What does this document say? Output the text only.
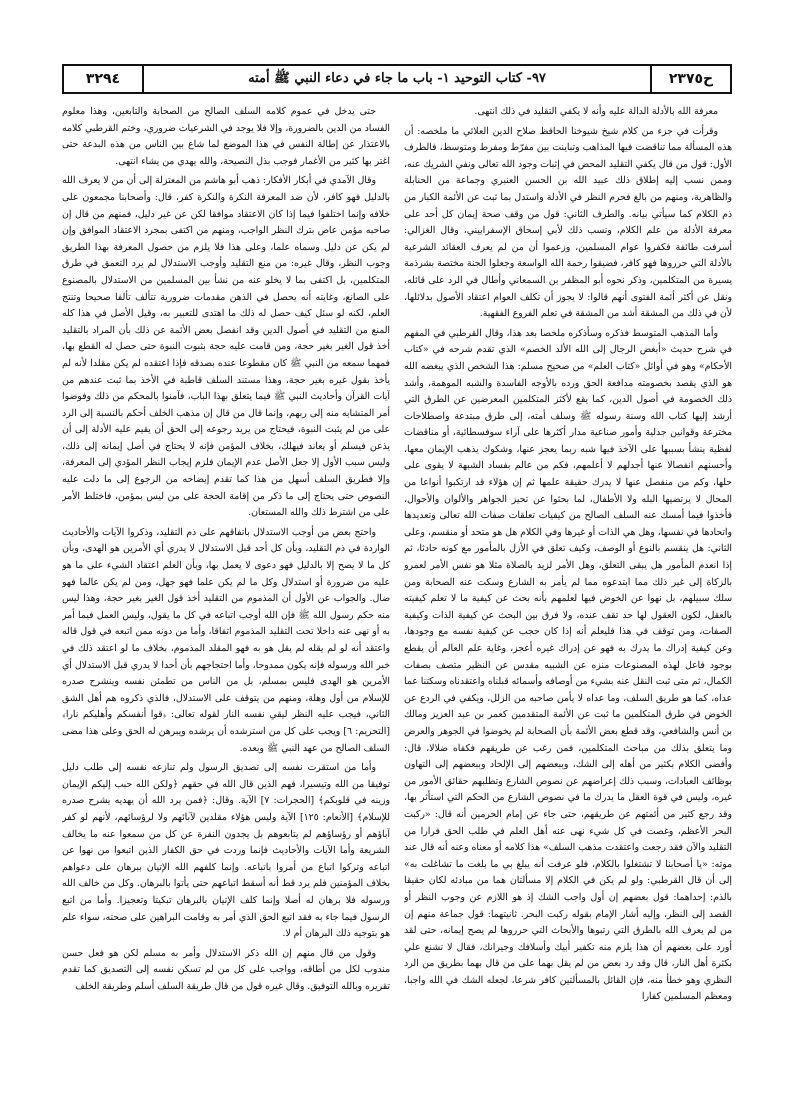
ح٢٣٧٥
٩٧- كتاب التوحيد ١- باب ما جاء في دعاء النبي ﷺ أمته
٣٢٩٤

معرفة الله بالأدلة الدالة عليه وأنه لا يكفي التقليد في ذلك انتهى.

وقرأت في جزء من كلام شيخ شيوخنا الحافظ صلاح الدين العلائي ما ملخصه: أن هذه المسألة مما تناقضت فيها المذاهب وتباينت بين مفرّط ومفرط ومتوسط، فالطرف الأول: قول من قال يكفي التقليد المحض في إثبات وجود الله تعالى ونفي الشريك عنه، وممن نسب إليه إطلاق ذلك عبيد الله بن الحسن العنبري وجماعة من الحنابلة والظاهرية، ومنهم من بالغ فحرم النظر في الأدلة واستدل بما ثبت عن الأئمة الكبار من ذم الكلام كما سيأتي بيانه. والطرف الثاني: قول من وقف صحة إيمان كل أحد على معرفة الأدلة من علم الكلام، ونسب ذلك لأبي إسحاق الإسفراييني، وقال الغزالي: أسرفت طائفة فكفروا عوام المسلمين، وزعموا أن من لم يعرف العقائد الشرعية بالأدلة التي حرروها فهو كافر، فضيقوا رحمة الله الواسعة وجعلوا الجنة مختصة بشرذمة يسيرة من المتكلمين، وذكر نحوه أبو المظفر بن السمعاني وأطال في الرد على قائله، ونقل عن أكثر أئمة الفتوى أنهم قالوا: لا يجوز أن تكلف العوام اعتقاد الأصول بدلائلها، لأن في ذلك من المشقة أشد من المشقة في تعلم الفروع الفقهية.

وأما المذهب المتوسط فذكره وسأذكره ملخصا بعد هذا، وقال القرطبي في المفهم في شرح حديث «أبغض الرجال إلى الله الألد الخصم» الذي تقدم شرحه في «كتاب الأحكام» وهو في أوائل «كتاب العلم» من صحيح مسلم: هذا الشخص الذي يبغضه الله هو الذي يقصد بخصومته مدافعة الحق ورده بالأوجه الفاسدة والشبه الموهمة، وأشد ذلك الخصومة في أصول الدين، كما يقع لأكثر المتكلمين المعرضين عن الطرق التي أرشد إليها كتاب الله وسنة رسوله ﷺ وسلف أمته، إلى طرق مبتدعة واصطلاحات مخترعة وقوانين جدلية وأمور صناعية مدار أكثرها على آراء سوفسطائية، أو مناقضات لفظية ينشأ بسببها على الآخذ فيها شبه ربما يعجز عنها، وشكوك يذهب الإيمان معها، وأحسنهم انفصالا عنها أجدلهم لا أعلمهم، فكم من عالم بفساد الشبهة لا يقوى على حلها، وكم من منفصل عنها لا يدرك حقيقة علمها ثم إن هؤلاء قد ارتكبوا أنواعا من المحال لا يرتضيها البله ولا الأطفال، لما بحثوا عن تحيز الجواهر والألوان والأحوال، فأخذوا فيما أمسك عنه السلف الصالح من كيفيات تعلقات صفات الله تعالى وتعديدها واتحادها في نفسها، وهل هي الذات أو غيرها وفي الكلام هل هو متحد أو منقسم، وعلى الثاني: هل ينقسم بالنوع أو الوصف، وكيف تعلق في الأزل بالمأمور مع كونه حادثا، ثم إذا انعدم المأمور هل يبقى التعلق، وهل الأمر لزيد بالصلاة مثلا هو نفس الأمر لعمرو بالزكاة إلى غير ذلك مما ابتدعوه مما لم يأمر به الشارع وسكت عنه الصحابة ومن سلك سبيلهم، بل نهوا عن الخوض فيها لعلمهم بأنه بحث عن كيفية ما لا تعلم كيفيته بالعقل، لكون العقول لها حد تقف عنده، ولا فرق بين البحث عن كيفية الذات وكيفية الصفات، ومن توقف في هذا فليعلم أنه إذا كان حجب عن كيفية نفسه مع وجودها، وعن كيفية إدراك ما يدرك به فهو عن إدراك غيره أعجز، وغاية علم العالم أن يقطع بوجود فاعل لهذه المصنوعات منزه عن الشبيه مقدس عن النظير متصف بصفات الكمال، ثم متى ثبت النقل عنه بشيء من أوصافه وأسمائه قبلناه واعتقدناه وسكتنا عما عداه، كما هو طريق السلف، وما عداه لا يأمن صاحبه من الزلل، ويكفي في الردع عن الخوض في طرق المتكلمين ما ثبت عن الأئمة المتقدمين كعمر بن عبد العزيز ومالك بن أنس والشافعي، وقد قطع بعض الأئمة بأن الصحابة لم يخوضوا في الجوهر والعرض وما يتعلق بذلك من مباحث المتكلمين، فمن رغب عن طريقهم فكفاه ضلالا، قال: وأفضى الكلام بكثير من أهله إلى الشك، وببعضهم إلى الإلحاد وببعضهم إلى التهاون بوظائف العبادات، وسبب ذلك إعراضهم عن نصوص الشارع وتطلبهم حقائق الأمور من غيره، وليس في قوة العقل ما يدرك ما في نصوص الشارع من الحكم التي استأثر بها، وقد رجع كثير من أئمتهم عن طريقهم، حتى جاء عن إمام الحرمين أنه قال: «ركبت البحر الأعظم، وغصت في كل شيء نهى عنه أهل العلم في طلب الحق فرارا من التقليد والآن فقد رجعت واعتقدت مذهب السلف» هذا كلامه أو معناه وعنه أنه قال عند موته: «يا أصحابنا لا تشتغلوا بالكلام، فلو عرفت أنه يبلغ بي ما بلغت ما تشاغلت به» إلى أن قال القرطبي: ولو لم يكن في الكلام إلا مسألتان هما من مبادئه لكان حقيقا بالذم: إحداهما: قول بعضهم إن أول واجب الشك إذ هو اللازم عن وجوب النظر أو القصد إلى النظر، وإليه أشار الإمام بقوله ركبت البحر. ثانيتهما: قول جماعة منهم إن من لم يعرف الله بالطرق التي رتبوها والأبحاث التي حرروها لم يصح إيمانه، حتى لقد أورد على بعضهم أن هذا يلزم منه تكفير أبيك وأسلافك وجيرانك، فقال لا تشنع علي بكثرة أهل النار، قال وقد رد بعض من لم يقل بهما على من قال بهما بطريق من الرد النظري وهو خطأ منه، فإن القائل بالمسألتين كافر شرعا، لجعله الشك في الله واجبا، ومعظم المسلمين كفارا

حتى يدخل في عموم كلامه السلف الصالح من الصحابة والتابعين، وهذا معلوم الفساد من الدين بالضرورة، وإلا فلا يوجد في الشرعيات ضروري، وختم القرطبي كلامه بالاعتذار عن إطالة النفس في هذا الموضع لما شاع بين الناس من هذه البدعة حتى اغتر بها كثير من الأغمار فوجب بذل النصيحة، والله يهدي من يشاء انتهى.

وقال الآمدي في أبكار الأفكار: ذهب أبو هاشم من المعتزلة إلى أن من لا يعرف الله بالدليل فهو كافر، لأن ضد المعرفة النكرة والنكرة كفر، قال: وأصحابنا مجمعون على خلافه وإنما اختلفوا فيما إذا كان الاعتقاد موافقا لكن عن غير دليل، فمنهم من قال إن صاحبه مؤمن عاص بترك النظر الواجب، ومنهم من اكتفى بمجرد الاعتقاد الموافق وإن لم يكن عن دليل وسماه علما، وعلى هذا فلا يلزم من حصول المعرفة بهذا الطريق وجوب النظر، وقال غيره: من منع التقليد وأوجب الاستدلال لم يرد التعمق في طرق المتكلمين، بل اكتفى بما لا يخلو عنه من نشأ بين المسلمين من الاستدلال بالمصنوع على الصانع، وغايته أنه يحصل في الذهن مقدمات ضرورية تتألف تألفا صحيحا وتنتج العلم، لكنه لو سئل كيف حصل له ذلك ما اهتدى للتعبير به، وقيل الأصل في هذا كله المنع من التقليد في أصول الدين وقد انفصل بعض الأئمة عن ذلك بأن المراد بالتقليد أخذ قول الغير بغير حجة، ومن قامت عليه حجة بثبوت النبوة حتى حصل له القطع بها، فمهما سمعه من النبي ﷺ كان مقطوعا عنده بصدقه فإذا اعتقده لم يكن مقلدا لأنه لم يأخذ بقول غيره بغير حجة، وهذا مستند السلف قاطبة في الأخذ بما ثبت عندهم من آيات القرآن وأحاديث النبي ﷺ فيما يتعلق بهذا الباب، فآمنوا بالمحكم من ذلك وفوضوا أمر المتشابه منه إلى ربهم، وإنما قال من قال إن مذهب الخلف أحكم بالنسبة إلى الرد على من لم يثبت النبوة، فيحتاج من يريد رجوعه إلى الحق أن يقيم عليه الأدلة إلى أن يذعن فيسلم أو يعاند فيهلك، بخلاف المؤمن فإنه لا يحتاج في أصل إيمانه إلى ذلك، وليس سبب الأول إلا جعل الأصل عدم الإيمان فلزم إيجاب النظر المؤدي إلى المعرفة، وإلا فطريق السلف أسهل من هذا كما تقدم إيضاحه من الرجوع إلى ما دلت عليه النصوص حتى يحتاج إلى ما ذكر من إقامة الحجة على من ليس بمؤمن، فاختلط الأمر على من اشترط ذلك والله المستعان.

واحتج بعض من أوجب الاستدلال باتفاقهم على ذم التقليد، وذكروا الآيات والأحاديث الواردة في ذم التقليد، وبأن كل أحد قبل الاستدلال لا يدري أي الأمرين هو الهدى، وبأن كل ما لا يصح إلا بالدليل فهو دعوى لا يعمل بها، وبأن العلم اعتقاد الشيء على ما هو عليه من ضرورة أو استدلال وكل ما لم يكن علما فهو جهل، ومن لم يكن عالما فهو ضال. والجواب عن الأول أن المذموم من التقليد أخذ قول الغير بغير حجة، وهذا ليس منه حكم رسول الله ﷺ فإن الله أوجب اتباعه في كل ما يقول، وليس العمل فيما أمر به أو نهى عنه داخلا تحت التقليد المذموم اتفاقا، وأما من دونه ممن اتبعه في قول قاله واعتقد أنه لو لم يقله لم يقل هو به فهو المقلد المذموم، بخلاف ما لو اعتقد ذلك في خبر الله ورسوله فإنه يكون ممدوحا، وأما احتجاجهم بأن أحدا لا يدري قبل الاستدلال أي الأمرين هو الهدى فليس بمسلم، بل من الناس من تطمئن نفسه وينشرح صدره للإسلام من أول وهلة، ومنهم من يتوقف على الاستدلال، فالذي ذكروه هم أهل الشق الثاني، فيجب عليه النظر ليقي نفسه النار لقوله تعالى: ﴿قوا أنفسكم وأهليكم نارا﴾ [التحريم: ٦] ويجب على كل من استرشده أن يرشده ويبرهن له الحق وعلى هذا مضى السلف الصالح من عهد النبي ﷺ وبعده.

وأما من استقرت نفسه إلى تصديق الرسول ولم تنازعه نفسه إلى طلب دليل توفيقا من الله وتيسيرا، فهم الذين قال الله في حقهم ﴿ولكن الله حبب إليكم الإيمان وزينه في قلوبكم﴾ [الحجرات: ٧] الآية. وقال: ﴿فمن يرد الله أن يهديه يشرح صدره للإسلام﴾ [الأنعام: ١٢٥] الآية وليس هؤلاء مقلدين لآبائهم ولا لرؤسائهم، لأنهم لو كفر آباؤهم أو رؤساؤهم لم يتابعوهم بل يجدون النفرة عن كل من سمعوا عنه ما يخالف الشريعة وأما الآيات والأحاديث فإنما وردت في حق الكفار الذين اتبعوا من نهوا عن اتباعه وتركوا اتباع من أمروا باتباعه. وإنما كلفهم الله الإتيان ببرهان على دعواهم بخلاف المؤمنين فلم يرد قط أنه أسقط اتباعهم حتى يأتوا بالبرهان. وكل من خالف الله ورسوله فلا برهان له أصلا وإنما كلف الإتيان بالبرهان تبكيتا وتعجيزا. وأما من اتبع الرسول فيما جاء به فقد اتبع الحق الذي أمر به وقامت البراهين على صحته، سواء علم هو بتوجيه ذلك البرهان أم لا.

وقول من قال منهم إن الله ذكر الاستدلال وأمر به مسلم لكن هو فعل حسن مندوب لكل من أطاقه، وواجب على كل من لم تسكن نفسه إلى التصديق كما تقدم تقريره وبالله التوفيق. وقال غيره قول من قال طريقة السلف أسلم وطريقة الخلف
